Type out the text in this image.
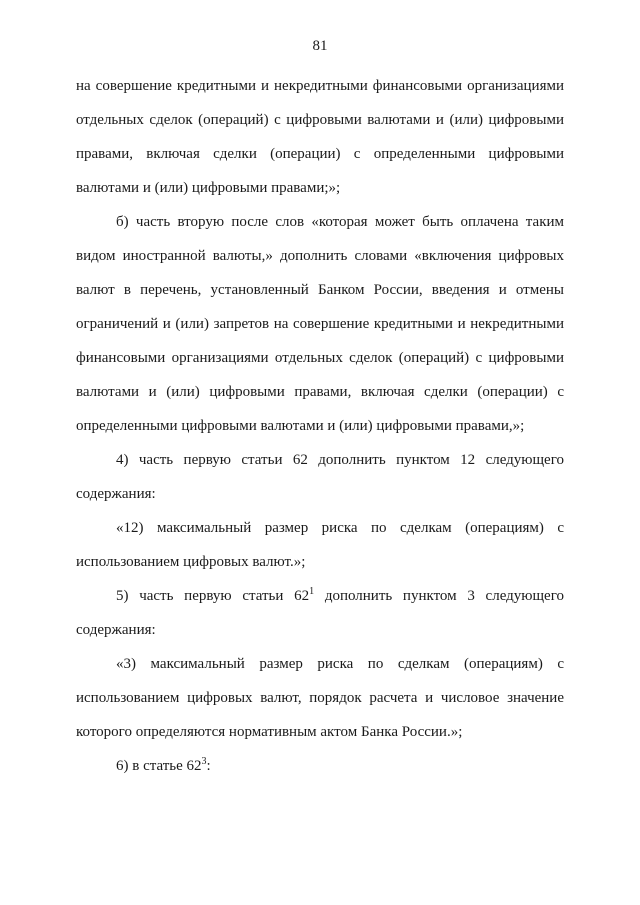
81

на совершение кредитными и некредитными финансовыми организациями отдельных сделок (операций) с цифровыми валютами и (или) цифровыми правами, включая сделки (операции) с определенными цифровыми валютами и (или) цифровыми правами;»;

б) часть вторую после слов «которая может быть оплачена таким видом иностранной валюты,» дополнить словами «включения цифровых валют в перечень, установленный Банком России, введения и отмены ограничений и (или) запретов на совершение кредитными и некредитными финансовыми организациями отдельных сделок (операций) с цифровыми валютами и (или) цифровыми правами, включая сделки (операции) с определенными цифровыми валютами и (или) цифровыми правами,»;

4) часть первую статьи 62 дополнить пунктом 12 следующего содержания:

«12) максимальный размер риска по сделкам (операциям) с использованием цифровых валют.»;

5) часть первую статьи $62^1$ дополнить пунктом 3 следующего содержания:

«3) максимальный размер риска по сделкам (операциям) с использованием цифровых валют, порядок расчета и числовое значение которого определяются нормативным актом Банка России.»;

6) в статье $62^3$:
